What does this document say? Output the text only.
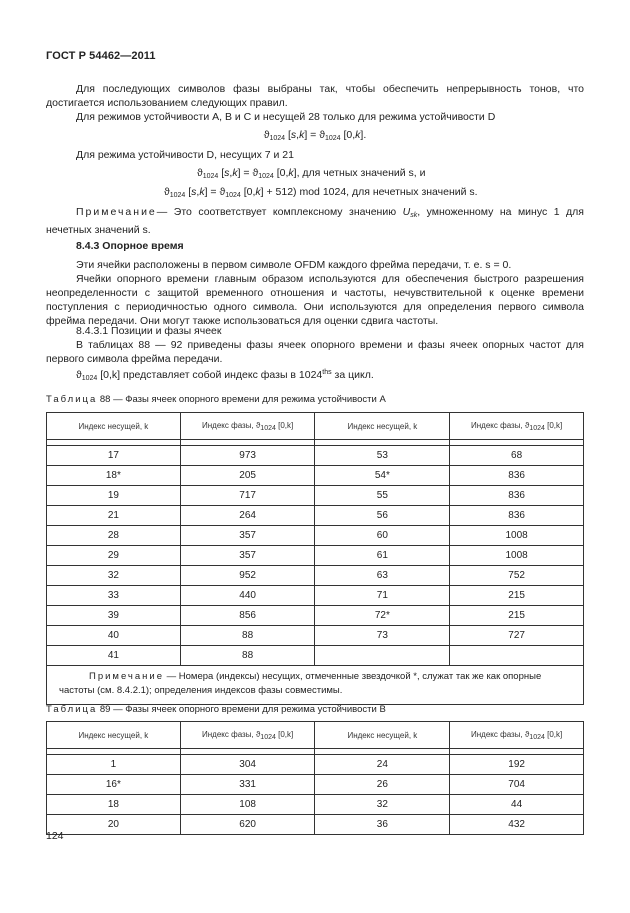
ГОСТ Р 54462—2011
Для последующих символов фазы выбраны так, чтобы обеспечить непрерывность тонов, что достигается использованием следующих правил.
Для режимов устойчивости А, В и С и несущей 28 только для режима устойчивости D
$ϑ_{1024}$ $[s,k] = ϑ_{1024}$ [0,k].
Для режима устойчивости D, несущих 7 и 21
$ϑ_{1024}$ $[s,k] = ϑ_{1024}$ [0,k], для четных значений s, и
$ϑ_{1024}$ $[s,k] = ϑ_{1024}$ [0,k] + 512) mod 1024, для нечетных значений s.
Примечание— Это соответствует комплексному значению $U_{sk}$, умноженному на минус 1 для нечетных значений s.
8.4.3 Опорное время
Эти ячейки расположены в первом символе OFDM каждого фрейма передачи, т. е. s = 0.
Ячейки опорного времени главным образом используются для обеспечения быстрого разрешения неопределенности с защитой временного отношения и частоты, нечувствительной к оценке времени поступления с периодичностью одного символа. Они используются для определения первого символа фрейма передачи. Они могут также использоваться для оценки сдвига частоты.
8.4.3.1 Позиции и фазы ячеек
В таблицах 88 — 92 приведены фазы ячеек опорного времени и фазы ячеек опорных частот для первого символа фрейма передачи.
$ϑ_{1024}$ [0,k] представляет собой индекс фазы в $1024^{ths}$ за цикл.
Таблица 88 — Фазы ячеек опорного времени для режима устойчивости А
Индекс несущей, k	Индекс фазы, ϑ1024 [0,k]	Индекс несущей, k	Индекс фазы, ϑ1024 [0,k]

17	973	53	68
18*	205	54*	836
19	717	55	836
21	264	56	836
28	357	60	1008
29	357	61	1008
32	952	63	752
33	440	71	215
39	856	72*	215
40	88	73	727
41	88		
Примечание — Номера (индексы) несущих, отмеченные звездочкой *, служат так же как опорные частоты (см. 8.4.2.1); определения индексов фазы совместимы.			
Таблица 89 — Фазы ячеек опорного времени для режима устойчивости В
Индекс несущей, k	Индекс фазы, ϑ1024 [0,k]	Индекс несущей, k	Индекс фазы, ϑ1024 [0,k]

1	304	24	192
16*	331	26	704
18	108	32	44
20	620	36	432
124
